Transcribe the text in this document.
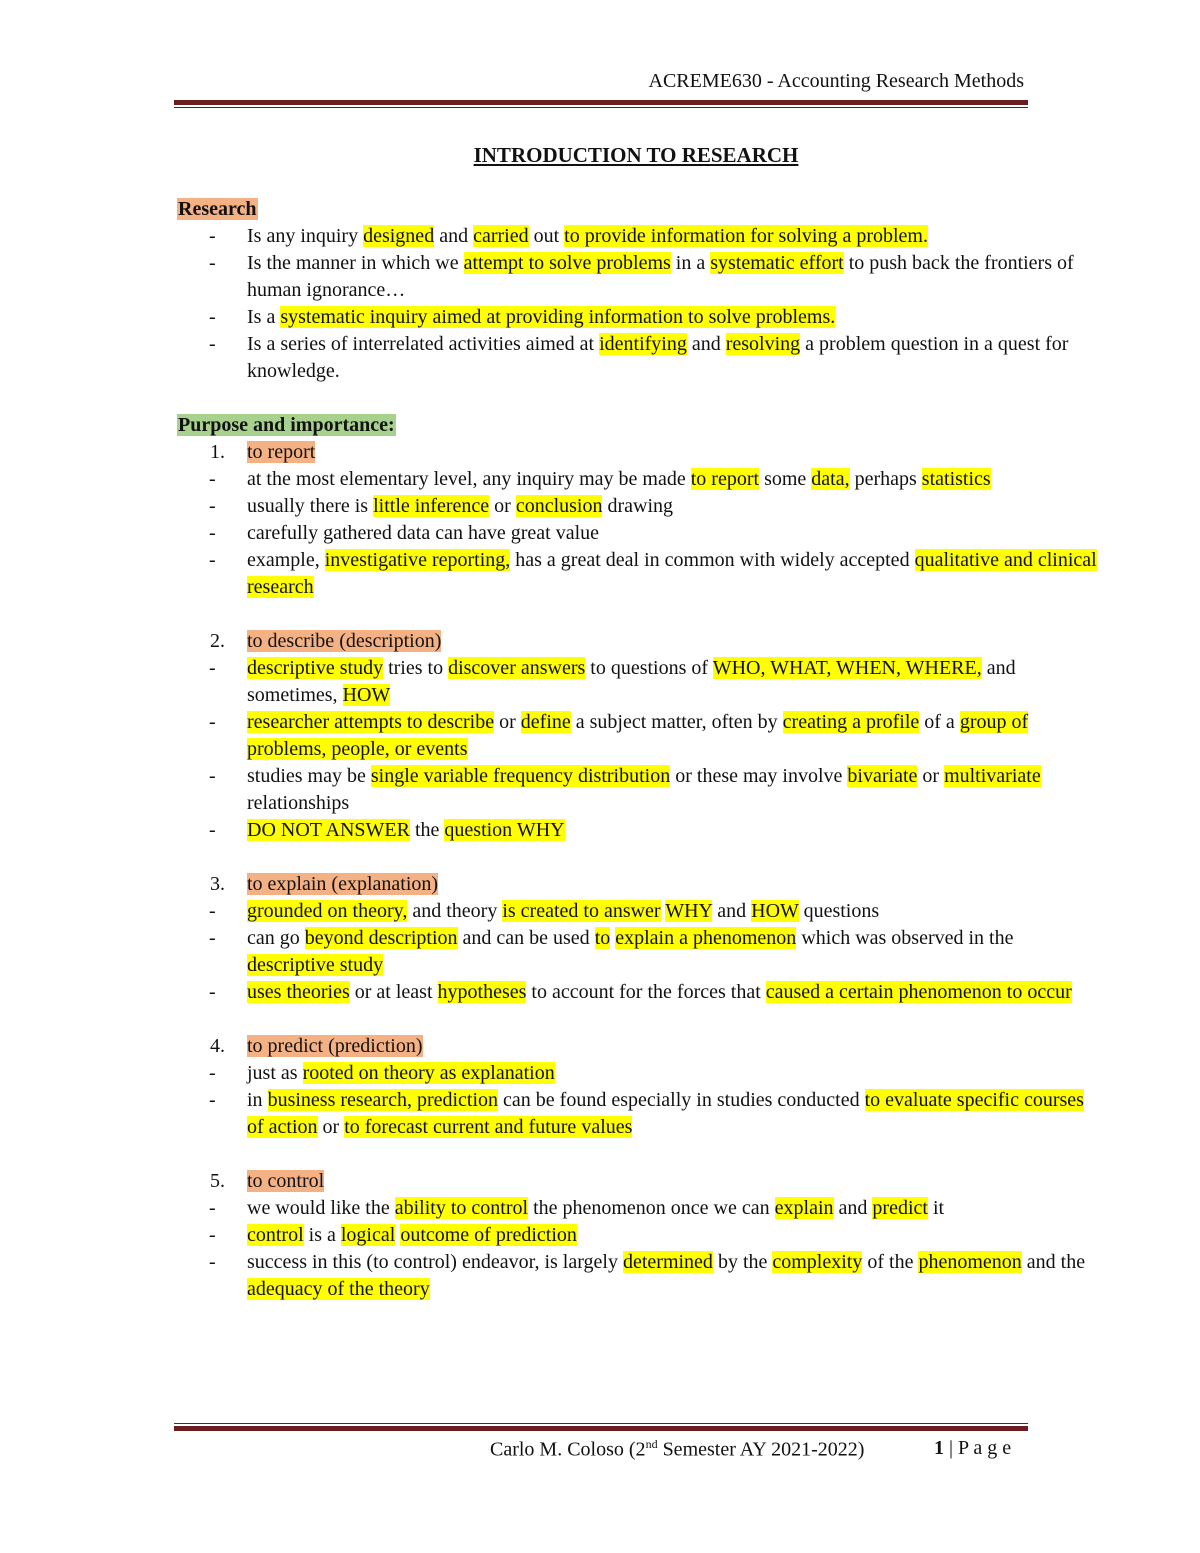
ACREME630 - Accounting Research Methods
INTRODUCTION TO RESEARCH
Research
- Is any inquiry designed and carried out to provide information for solving a problem.
- Is the manner in which we attempt to solve problems in a systematic effort to push back the frontiers of human ignorance…
- Is a systematic inquiry aimed at providing information to solve problems.
- Is a series of interrelated activities aimed at identifying and resolving a problem question in a quest for knowledge.
Purpose and importance:
1. to report
- at the most elementary level, any inquiry may be made to report some data, perhaps statistics
- usually there is little inference or conclusion drawing
- carefully gathered data can have great value
- example, investigative reporting, has a great deal in common with widely accepted qualitative and clinical research
2. to describe (description)
- descriptive study tries to discover answers to questions of WHO, WHAT, WHEN, WHERE, and sometimes, HOW
- researcher attempts to describe or define a subject matter, often by creating a profile of a group of problems, people, or events
- studies may be single variable frequency distribution or these may involve bivariate or multivariate relationships
- DO NOT ANSWER the question WHY
3. to explain (explanation)
- grounded on theory, and theory is created to answer WHY and HOW questions
- can go beyond description and can be used to explain a phenomenon which was observed in the descriptive study
- uses theories or at least hypotheses to account for the forces that caused a certain phenomenon to occur
4. to predict (prediction)
- just as rooted on theory as explanation
- in business research, prediction can be found especially in studies conducted to evaluate specific courses of action or to forecast current and future values
5. to control
- we would like the ability to control the phenomenon once we can explain and predict it
- control is a logical outcome of prediction
- success in this (to control) endeavor, is largely determined by the complexity of the phenomenon and the adequacy of the theory
Carlo M. Coloso (2nd Semester AY 2021-2022)	1 | P a g e
